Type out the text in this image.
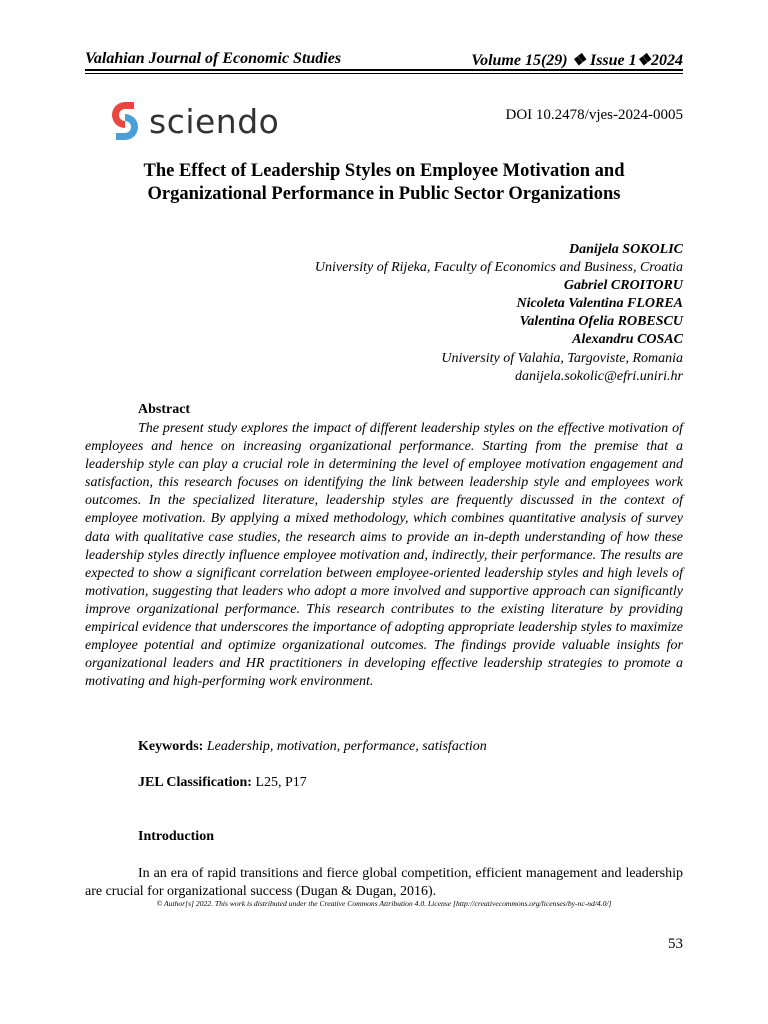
Valahian Journal of Economic Studies	Volume 15(29) ❖ Issue 1❖2024
sciendo	DOI 10.2478/vjes-2024-0005
The Effect of Leadership Styles on Employee Motivation and Organizational Performance in Public Sector Organizations
Danijela SOKOLIC
University of Rijeka, Faculty of Economics and Business, Croatia
Gabriel CROITORU
Nicoleta Valentina FLOREA
Valentina Ofelia ROBESCU
Alexandru COSAC
University of Valahia, Targoviste, Romania
danijela.sokolic@efri.uniri.hr
Abstract

The present study explores the impact of different leadership styles on the effective motivation of employees and hence on increasing organizational performance. Starting from the premise that a leadership style can play a crucial role in determining the level of employee motivation engagement and satisfaction, this research focuses on identifying the link between leadership style and employees work outcomes. In the specialized literature, leadership styles are frequently discussed in the context of employee motivation. By applying a mixed methodology, which combines quantitative analysis of survey data with qualitative case studies, the research aims to provide an in-depth understanding of how these leadership styles directly influence employee motivation and, indirectly, their performance. The results are expected to show a significant correlation between employee-oriented leadership styles and high levels of motivation, suggesting that leaders who adopt a more involved and supportive approach can significantly improve organizational performance. This research contributes to the existing literature by providing empirical evidence that underscores the importance of adopting appropriate leadership styles to maximize employee potential and optimize organizational outcomes. The findings provide valuable insights for organizational leaders and HR practitioners in developing effective leadership strategies to promote a motivating and high-performing work environment.

Keywords: Leadership, motivation, performance, satisfaction
JEL Classification: L25, P17
Introduction

In an era of rapid transitions and fierce global competition, efficient management and leadership are crucial for organizational success (Dugan & Dugan, 2016).

© Author[s] 2022. This work is distributed under the Creative Commons Attribution 4.0. License [http://creativecommons.org/licenses/by-nc-nd/4.0/]
53
